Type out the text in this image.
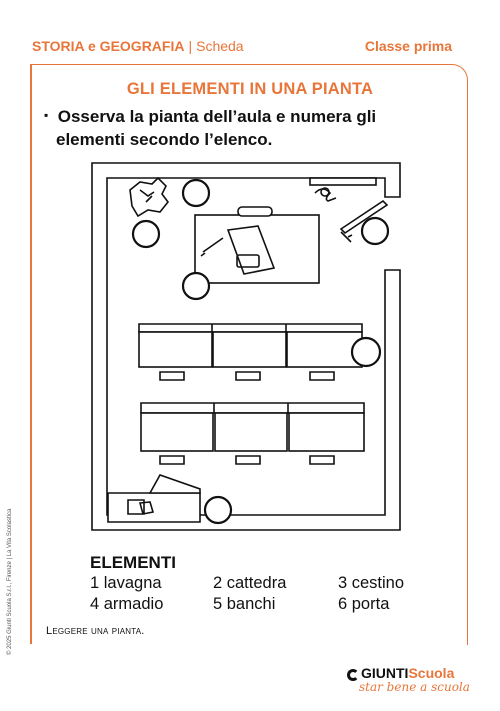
STORIA e GEOGRAFIA | Scheda	Classe prima
GLI ELEMENTI IN UNA PIANTA
▪ Osserva la pianta dell’aula e numera gli
elementi secondo l’elenco.
ELEMENTI
1 lavagna	2 cattedra	3 cestino
4 armadio	5 banchi	6 porta
Leggere una pianta.
© 2025 Giunti Scuola S.r.l., Firenze | La Vita Scolastica
GIUNTIScuola
star bene a scuola
